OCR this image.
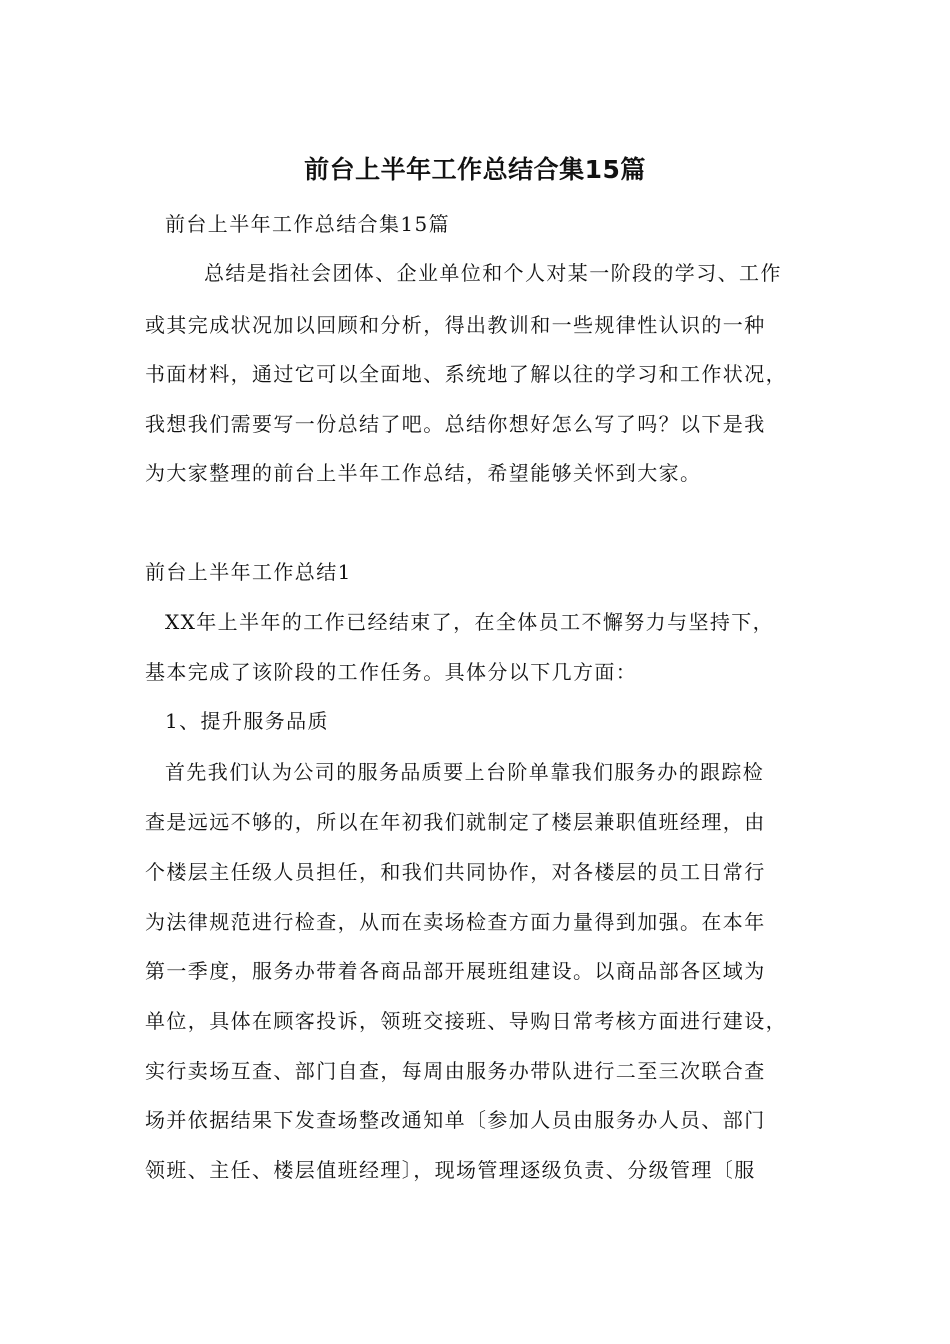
前台上半年工作总结合集15篇
前台上半年工作总结合集15篇
总结是指社会团体、企业单位和个人对某一阶段的学习、工作
或其完成状况加以回顾和分析，得出教训和一些规律性认识的一种
书面材料，通过它可以全面地、系统地了解以往的学习和工作状况，
我想我们需要写一份总结了吧。总结你想好怎么写了吗？以下是我
为大家整理的前台上半年工作总结，希望能够关怀到大家。
前台上半年工作总结1
XX年上半年的工作已经结束了，在全体员工不懈努力与坚持下，
基本完成了该阶段的工作任务。具体分以下几方面：
1、提升服务品质
首先我们认为公司的服务品质要上台阶单靠我们服务办的跟踪检
查是远远不够的，所以在年初我们就制定了楼层兼职值班经理，由
个楼层主任级人员担任，和我们共同协作，对各楼层的员工日常行
为法律规范进行检查，从而在卖场检查方面力量得到加强。在本年
第一季度，服务办带着各商品部开展班组建设。以商品部各区域为
单位，具体在顾客投诉，领班交接班、导购日常考核方面进行建设，
实行卖场互查、部门自查，每周由服务办带队进行二至三次联合查
场并依据结果下发查场整改通知单〔参加人员由服务办人员、部门
领班、主任、楼层值班经理〕，现场管理逐级负责、分级管理〔服
